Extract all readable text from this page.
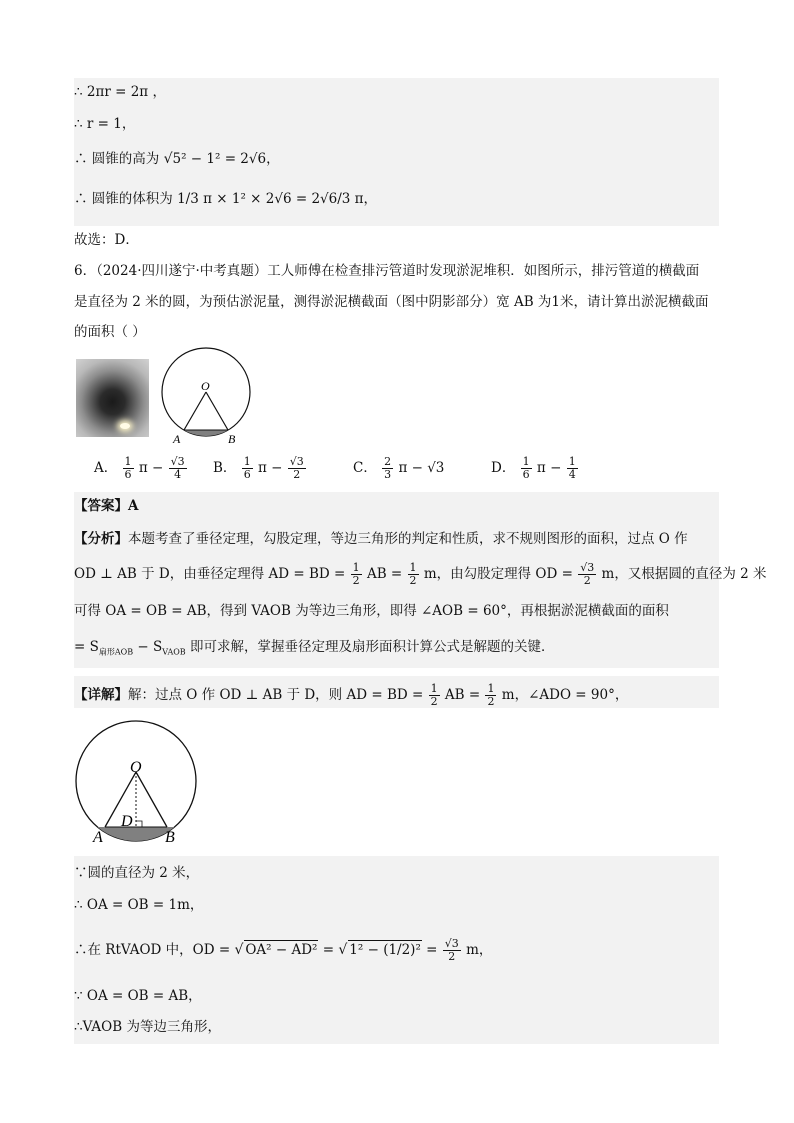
∴ 2πr = 2π ，
∴ r = 1，
∴ 圆锥的高为 √5² − 1² = 2√6，
∴ 圆锥的体积为 1/3 π × 1² × 2√6 = 2√6/3 π，
故选：D．
6．（2024·四川遂宁·中考真题）工人师傅在检查排污管道时发现淤泥堆积．如图所示，排污管道的横截面
是直径为 2 米的圆，为预估淤泥量，测得淤泥横截面（图中阴影部分）宽 AB 为1米，请计算出淤泥横截面
的面积（ ）
O
A	B
A． $\frac{1}{6}$ $\pi - \frac{√3}{4}$ B． $\frac{1}{6}$ $\pi - \frac{√3}{2}$	C． $\frac{2}{3}$ π − √3	D． $\frac{1}{6}$ $\pi - \frac{1}{4}$
【答案】A
【分析】本题考查了垂径定理，勾股定理，等边三角形的判定和性质，求不规则图形的面积，过点 O 作
OD ⊥ AB 于 D，由垂径定理得 AD = BD = $\frac{1}{2}$ AB = $\frac{1}{2}$ m，由勾股定理得 OD = $\frac{√3}{2}$ m，又根据圆的直径为 2 米
可得 OA = OB = AB，得到 VAOB 为等边三角形，即得 ∠AOB = 60°，再根据淤泥横截面的面积
= $S_{扇形AOB} - S_{VAOB}$ 即可求解，掌握垂径定理及扇形面积计算公式是解题的关键．
【详解】解：过点 O 作 OD ⊥ AB 于 D，则 AD = BD = $\frac{1}{2}$ AB = $\frac{1}{2}$ m，∠ADO = 90°，
O
D
A	B
∵圆的直径为 2 米，
∴ OA = OB = 1m，
∴在 RtVAOD 中，OD = √ OA² − AD² = √ $1^2 - (1/2)^2 = \frac{√3}{2}$ m，
∵ OA = OB = AB，
∴VAOB 为等边三角形，
